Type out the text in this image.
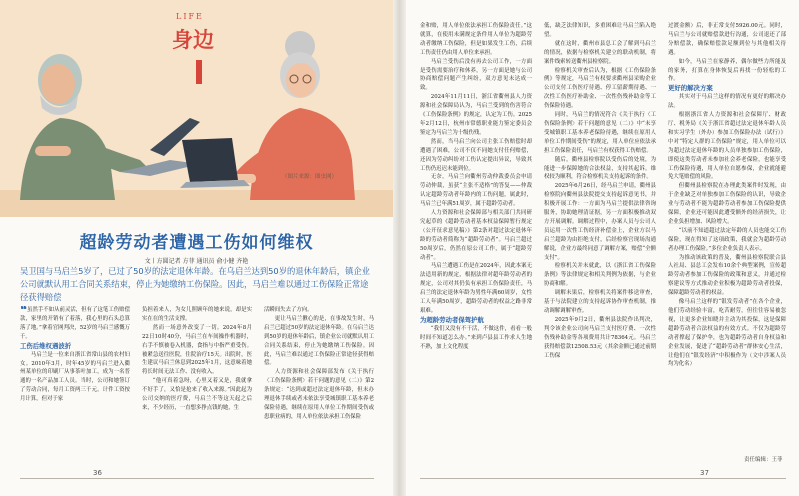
LIFE
身边
（图片来源：图虫网）
超龄劳动者遭遇工伤如何维权
文丨方圆记者 方菲 通讯员 俞小健 齐艳
吴卫国与马启兰5岁了，已过了50岁的法定退休年龄。在乌启兰达到50岁的退休年龄后，镇企业公司就默认用工合同关系结束，停止为她缴纳工伤保险。因此，马启兰难以通过工伤保险正常途径获得赔偿

❝虽然手不如从前灵活，但有了这笔工伤赔偿款，家里的开销有了着落，我心里的石头总算落了地。”拿着官网判决，52岁的马启兰感慨万千。

工伤后维权遇波折

马启兰是一位来自浙江省常山县的农村妇女。2010年3月，时年45岁的马启兰进入衢州某单位的印刷厂从事茶叶加工，成为一名普通的一名产品加工人员。当时，公司和她签订了劳动合同，每月工资两三千元。计件工资按月计算，但对于家

负担着来人，为女儿照顾年的她来说，却是实实在在的生活支撑。

然而一场意外改变了一切。2024年8月22日10时40分，马启兰在车间操作机器时，右手不慎被卷入机器，食指与中指严重受伤。被紧急送往医院，住院治疗15天。出院时，医生建议马启兰休息到2025年1月，这意味着她将长时间无法工作、没有收入。

“他可真着急呀，心里又着又是，我就拿不好手了，又恰是抢来了收入来源。”因此起为公司交纳的医疗费，马启兰不等这天起之后来，不少经历，一直想多挣点钱的她，生

活瞬间失去了方向。

更让马启兰揪心的是，在事故发生时，马启兰已超过50岁的法定退休年龄。在乌启兰达到50岁的退休年龄后，镇企业公司就默认用工合同关系结束，停止为她缴纳工伤保险。因此，马启兰难以通过工伤保险正常途径获得赔偿。

人力资源和社会保障部发布《关于执行〈工伤保险条例〉若干问题的意见（二）》第2条规定：“达到或超过法定退休年龄，但未办理退休手续或者未依法享受城镇职工基本养老保险待遇，继续在原用人单位工作期间受伤或患职业病的，用人单位依法承担工伤保险

36

金和赔，用人单位依法承担工伤保险责任。”这就算，在使用未满规定条件用人单位为超龄劳动者缴纳工伤保险，但是如果发生工伤，后续工伤责任仍由用人单位来承担。

马启兰受伤后没有再去公司工作，一方面是受伤需要治疗和休养，另一方面是她与公司协商赔偿问题产生纠纷，双方意见未达成一致。

2024年11月11日，浙江省衢州县人力资源和社会保障局认为，马启兰受到的伤害符合《工伤保险条例》的规定，认定为工伤。2025年2月12日，杭州市常德职业能力鉴定委员会鉴定为马启兰为十级伤残。

然而，当马启兰向公司主张工伤赔偿时却遭遇了困难，公司不仅不同她支付任何赔偿，还因为劳动纠纷对工伤认定提出异议，导致其工伤仍迟迟未能到位。

无奈，马启兰向衢州劳动仲裁委员会申请劳动仲裁，虽获“主张不适格”的答复——仲裁认定超龄劳动者年龄内的工伤问题，属此时，马启兰已年满51周岁，属于超龄劳动者。

人力资源和社会保障部与相关部门共同研究起草的《超龄劳动者基本权益保障暂行规定（公开征求意见稿）》第2条对超过法定退休年龄的劳动者简称为“超龄劳动者”。马启兰超过50周岁后，仍然在原公司工作，属于“超龄劳动者”。

马启兰遭遇工伤是在2024年，因此本案无法适用新的规定，根据法律对超年龄劳动者的规定，公司对其仍负有承担工伤保险责任，马启兰的法定退休年龄为男性年满60周岁，女性工人年满50周岁，超龄劳动者的权益之路非常艰难。

为超龄劳动者保驾护航

“我们又没有不干活，不做这件，看看一般时间不知道怎么办。”来到卢县县工作求人生地不熟，加上文化程度

低，缺乏法律知识，多重困难让马启兰陷入绝望。

就在这时，衢州市县总工会了解到马启兰的情况，依据与检察机关建立的联动机制，将案件线索转送衢州县检察院。

检察机关审查后认为，根据《工伤保险条例》等规定，马启兰有权要求衢州县采购企业公司支付工伤医疗待遇、停工留薪期待遇、一次性工伤医疗补助金、一次性伤残补助金等工伤保险待遇。

同时，马启兰的情况符合《关于执行〈工伤保险条例〉若干问题的意见（二）》中“未享受城镇职工基本养老保险待遇，继续在原用人单位工作期间受伤”的规定，用人单位应依法承担工伤保险责任，马启兰有权获得工伤赔偿。

随后，衢州县检察院以受伤后的处境，为能进一步保障她的合法权益，支持其起诉。维权较为顺利，符合检察机关支持起诉的条件。

2025年6月26日，经马启兰申请，衢州县检察院向衢州县法院提交支持起诉意见书，并积极开展工作：一方面为马启兰提供法律咨询服务，协助她理清证据，另一方面积极推动双方开展调解。调解过程中，办案人员与公司人员运用一次性工伤经济补偿金上，企业方以马启兰超龄为由拒绝支付，后经检察官现场沟通解说，企业方最终同意了调解方案，赔偿“全额支付”。

检察机关并未就此，以《浙江省工伤保险条例》等法律规定和相关判例为依据，与企业协商和解。

调解未果后，检察机关将案件移送审查，基于与法院建立的支持起诉协作审查机制，推动调解调解审查。

2025年9月2日，衢州县法院作出判决，判令该企业公司向马启兰支付医疗费、一次性伤残补助金等各项费用共计78364元。马启兰获得赔偿款12508.53元（其余金额已通过前期工伤保

过渡金额）后，非正常支付5926.00元。同时，马启兰与公司就赔偿款进行沟通，公司退还了部分赔偿款，确保赔偿款足额到位与其他相关待遇。

如今，马启兰在家静养，偶尔做些力所能及的家务，打算在身体恢复后再找一份轻松的工作。

更好的解决方案

其实对于马启兰这样的情况有更好的解决办法。

根据浙江省人力资源和社会保障厅、财政厅、税务局《关于浙江省超过法定退休年龄人员和实习学生（外办）参加工伤保险办法（试行）》中对“特定人群的工伤保险”规定，用人单位可以为超过法定退休年龄的人员单独参加工伤保险，即使这类劳动者未参加社会养老保险，也能享受工伤保险待遇，用人单位自愿参保，企业就能避免大笔赔偿的风险。

但衢州县检察院在办理此类案件时发现，由于企业缺乏对单独参加工伤保险的认识，导致企业与劳动者不能为超龄劳动者参加工伤保险提供保障，企业还可能因此遭受额外的经济损失，让企业负担增加、风险增大。

“以前不知道超过法定年龄的人员也能交工伤保险，现在得知了这项政策，我就会为超龄劳动者办理工伤保险。”多位企业负责人表示。

为推动该政策的普及，衢州县检察院联合县人社局、县总工会发布10余个典型案例，宣传超龄劳动者参加工伤保险的政策和意义，并通过检察建议等方式推动企业积极为超龄劳动者投保，保障超龄劳动者的权益。

像马启兰这样的“银发劳动者”在各个企业，他们劳动经验丰富，吃苦耐劳，但往往容易被忽视，让更多企业知晓并主动为其投保，这是保障超龄劳动者合法权益的有效方式。不仅为超龄劳动者撑起了保护伞，也为超龄劳动者自身权益和企业发展，促进了“超龄劳动者”群体安心生活，让他们在“银发经济”中积极作为（文中涉案人员均为化名）

责任编辑：王菲
37
